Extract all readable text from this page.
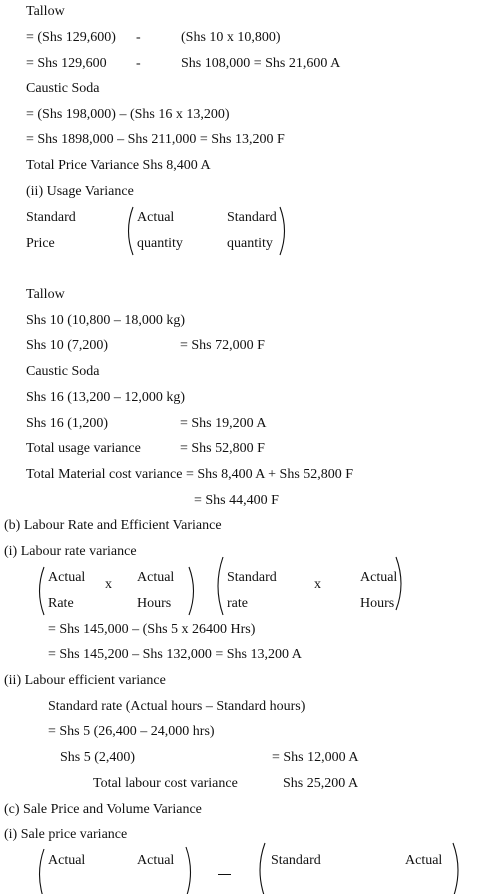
Tallow
= (Shs 129,600) -	(Shs 10 x 10,800)
= Shs 129,600 -	Shs 108,000 = Shs 21,600 A
Caustic Soda
= (Shs 198,000) – (Shs 16 x 13,200)
= Shs 1898,000 – Shs 211,000 = Shs 13,200 F
Total Price Variance Shs 8,400 A
(ii) Usage Variance
Standard
Price
Actual
quantity
Standard
quantity
Tallow
Shs 10 (10,800 – 18,000 kg)
Shs 10 (7,200)	= Shs 72,000 F
Caustic Soda
Shs 16 (13,200 – 12,000 kg)
Shs 16 (1,200)	= Shs 19,200 A
Total usage variance	= Shs 52,800 F
Total Material cost variance = Shs 8,400 A + Shs 52,800 F
= Shs 44,400 F
(b) Labour Rate and Efficient Variance
(i) Labour rate variance
Actual
Rate
x Actual
Hours
Standard
rate
x	Actual
Hours
= Shs 145,000 – (Shs 5 x 26400 Hrs)
= Shs 145,200 – Shs 132,000 = Shs 13,200 A
(ii) Labour efficient variance
Standard rate (Actual hours – Standard hours)
= Shs 5 (26,400 – 24,000 hrs)
Shs 5 (2,400)	= Shs 12,000 A
Total labour cost variance	Shs 25,200 A
(c) Sale Price and Volume Variance
(i) Sale price variance
Actual	Actual	Standard	Actual
